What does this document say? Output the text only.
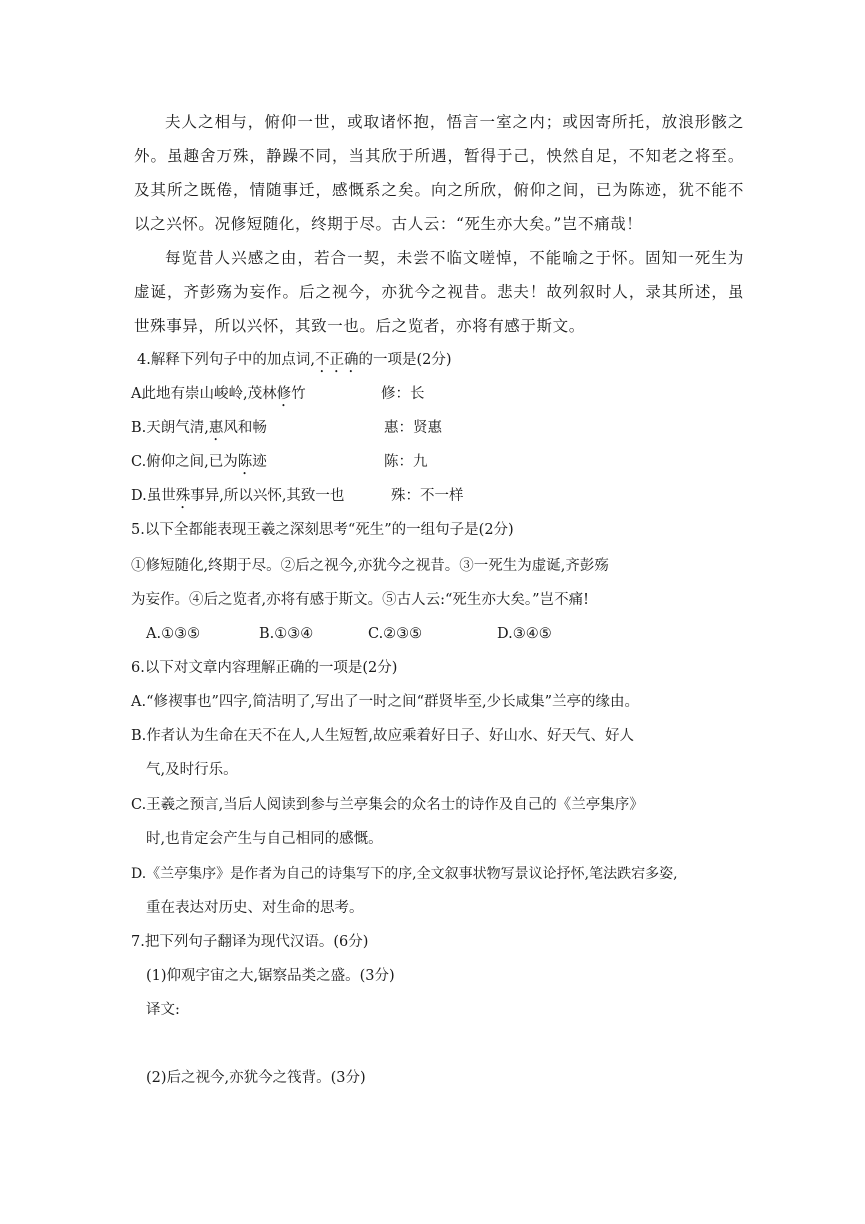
夫人之相与，俯仰一世，或取诸怀抱，悟言一室之内；或因寄所托，放浪形骸之外。虽趣舍万殊，静躁不同，当其欣于所遇，暂得于己，怏然自足，不知老之将至。及其所之既倦，情随事迁，感慨系之矣。向之所欣，俯仰之间，已为陈迹，犹不能不以之兴怀。况修短随化，终期于尽。古人云：“死生亦大矣。”岂不痛哉！

每览昔人兴感之由，若合一契，未尝不临文嗟悼，不能喻之于怀。固知一死生为虚诞，齐彭殇为妄作。后之视今，亦犹今之视昔。悲夫！故列叙时人，录其所述，虽世殊事异，所以兴怀，其致一也。后之览者，亦将有感于斯文。

4.解释下列句子中的加点词,不正确的一项是(2分)
A此地有崇山峻岭,茂林修竹	修：长
B.天朗气清,惠风和畅	惠：贤惠
C.俯仰之间,已为陈迹	陈：九
D.虽世殊事异,所以兴怀,其致一也	殊：不一样
5.以下全都能表现王羲之深刻思考“死生”的一组句子是(2分)
①修短随化,终期于尽。②后之视今,亦犹今之视昔。③一死生为虚诞,齐彭殇
为妄作。④后之览者,亦将有感于斯文。⑤古人云:“死生亦大矣。”岂不痛!
A.①③⑤	B.①③④	C.②③⑤	D.③④⑤
6.以下对文章内容理解正确的一项是(2分)
A.“修禊事也”四字,简洁明了,写出了一时之间“群贤毕至,少长咸集”兰亭的缘由。
B.作者认为生命在天不在人,人生短暂,故应乘着好日子、好山水、好天气、好人
气,及时行乐。
C.王羲之预言,当后人阅读到参与兰亭集会的众名士的诗作及自己的《兰亭集序》
时,也肯定会产生与自己相同的感慨。
D.《兰亭集序》是作者为自己的诗集写下的序,全文叙事状物写景议论抒怀,笔法跌宕多姿,
重在表达对历史、对生命的思考。
7.把下列句子翻译为现代汉语。(6分)
(1)仰观宇宙之大,锯察品类之盛。(3分)
译文:
(2)后之视今,亦犹今之筏背。(3分)
